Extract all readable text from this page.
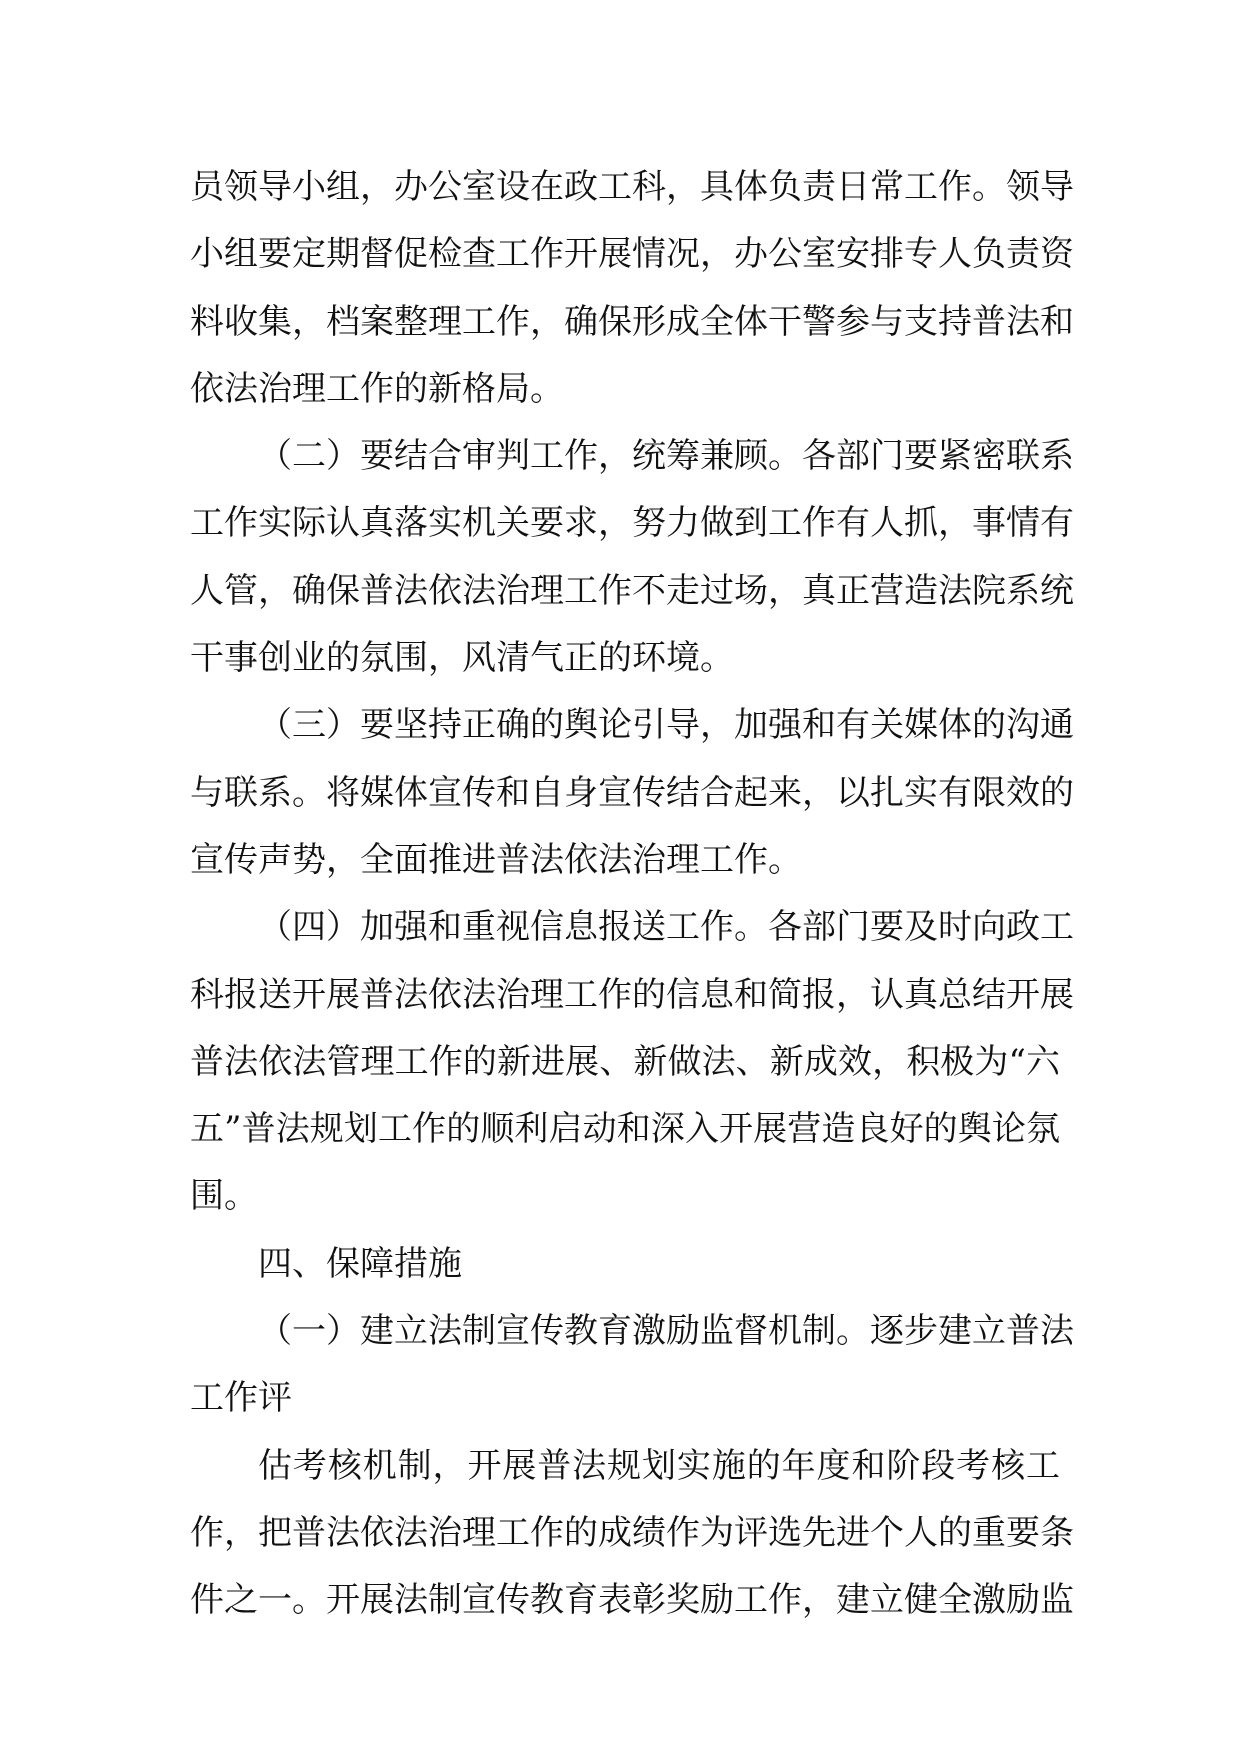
员领导小组，办公室设在政工科，具体负责日常工作。领导
小组要定期督促检查工作开展情况，办公室安排专人负责资
料收集，档案整理工作，确保形成全体干警参与支持普法和
依法治理工作的新格局。
（二）要结合审判工作，统筹兼顾。各部门要紧密联系
工作实际认真落实机关要求，努力做到工作有人抓，事情有
人管，确保普法依法治理工作不走过场，真正营造法院系统
干事创业的氛围，风清气正的环境。
（三）要坚持正确的舆论引导，加强和有关媒体的沟通
与联系。将媒体宣传和自身宣传结合起来，以扎实有限效的
宣传声势，全面推进普法依法治理工作。
（四）加强和重视信息报送工作。各部门要及时向政工
科报送开展普法依法治理工作的信息和简报，认真总结开展
普法依法管理工作的新进展、新做法、新成效，积极为“六
五”普法规划工作的顺利启动和深入开展营造良好的舆论氛
围。
四、保障措施
（一）建立法制宣传教育激励监督机制。逐步建立普法
工作评
估考核机制，开展普法规划实施的年度和阶段考核工
作，把普法依法治理工作的成绩作为评选先进个人的重要条
件之一。开展法制宣传教育表彰奖励工作，建立健全激励监
